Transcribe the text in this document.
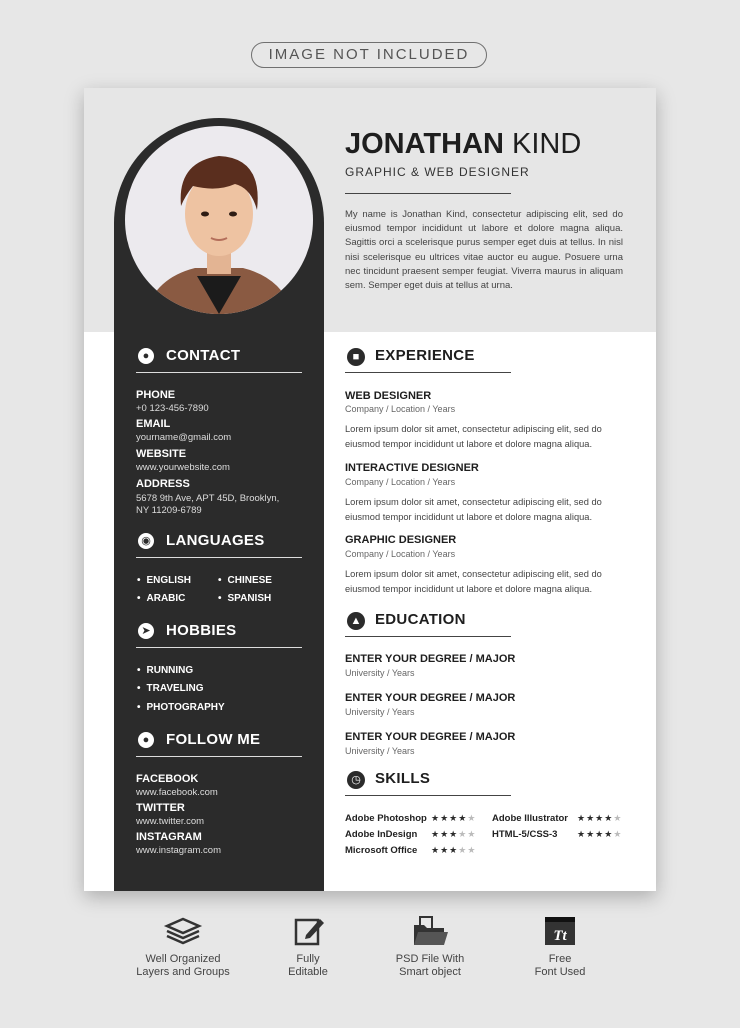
IMAGE NOT INCLUDED
JONATHAN KIND
GRAPHIC & WEB DESIGNER
My name is Jonathan Kind, consectetur adipiscing elit, sed do eiusmod tempor incididunt ut labore et dolore magna aliqua. Sagittis orci a scelerisque purus semper eget duis at tellus. In nisl nisi scelerisque eu ultrices vitae auctor eu augue. Posuere urna nec tincidunt praesent semper feugiat. Viverra maurus in aliquam sem. Semper eget duis at tellus at urna.
●	CONTACT
PHONE
+0 123-456-7890
EMAIL
yourname@gmail.com
WEBSITE
www.yourwebsite.com
ADDRESS
5678 9th Ave, APT 45D, Brooklyn,
NY 11209-6789
◉ LANGUAGES
• ENGLISH	• CHINESE
• ARABIC	• SPANISH
➤ HOBBIES
• RUNNING
• TRAVELING
• PHOTOGRAPHY
●	FOLLOW ME
FACEBOOK
www.facebook.com
TWITTER
www.twitter.com
INSTAGRAM
www.instagram.com
■	EXPERIENCE
WEB DESIGNER
Company / Location / Years
Lorem ipsum dolor sit amet, consectetur adipiscing elit, sed do eiusmod tempor incididunt ut labore et dolore magna aliqua.
INTERACTIVE DESIGNER
Company / Location / Years
Lorem ipsum dolor sit amet, consectetur adipiscing elit, sed do eiusmod tempor incididunt ut labore et dolore magna aliqua.
GRAPHIC DESIGNER
Company / Location / Years
Lorem ipsum dolor sit amet, consectetur adipiscing elit, sed do eiusmod tempor incididunt ut labore et dolore magna aliqua.
▲ EDUCATION
ENTER YOUR DEGREE / MAJOR
University / Years
ENTER YOUR DEGREE / MAJOR
University / Years
ENTER YOUR DEGREE / MAJOR
University / Years
◷ SKILLS
Adobe Photoshop ★★★★★ Adobe Illustrator ★★★★★
Adobe InDesign ★★★★★ HTML-5/CSS-3 ★★★★★
Microsoft Office ★★★★★
Well Organized
Layers and Groups
Fully
Editable
PSD File With
Smart object
Tt
Free
Font Used
